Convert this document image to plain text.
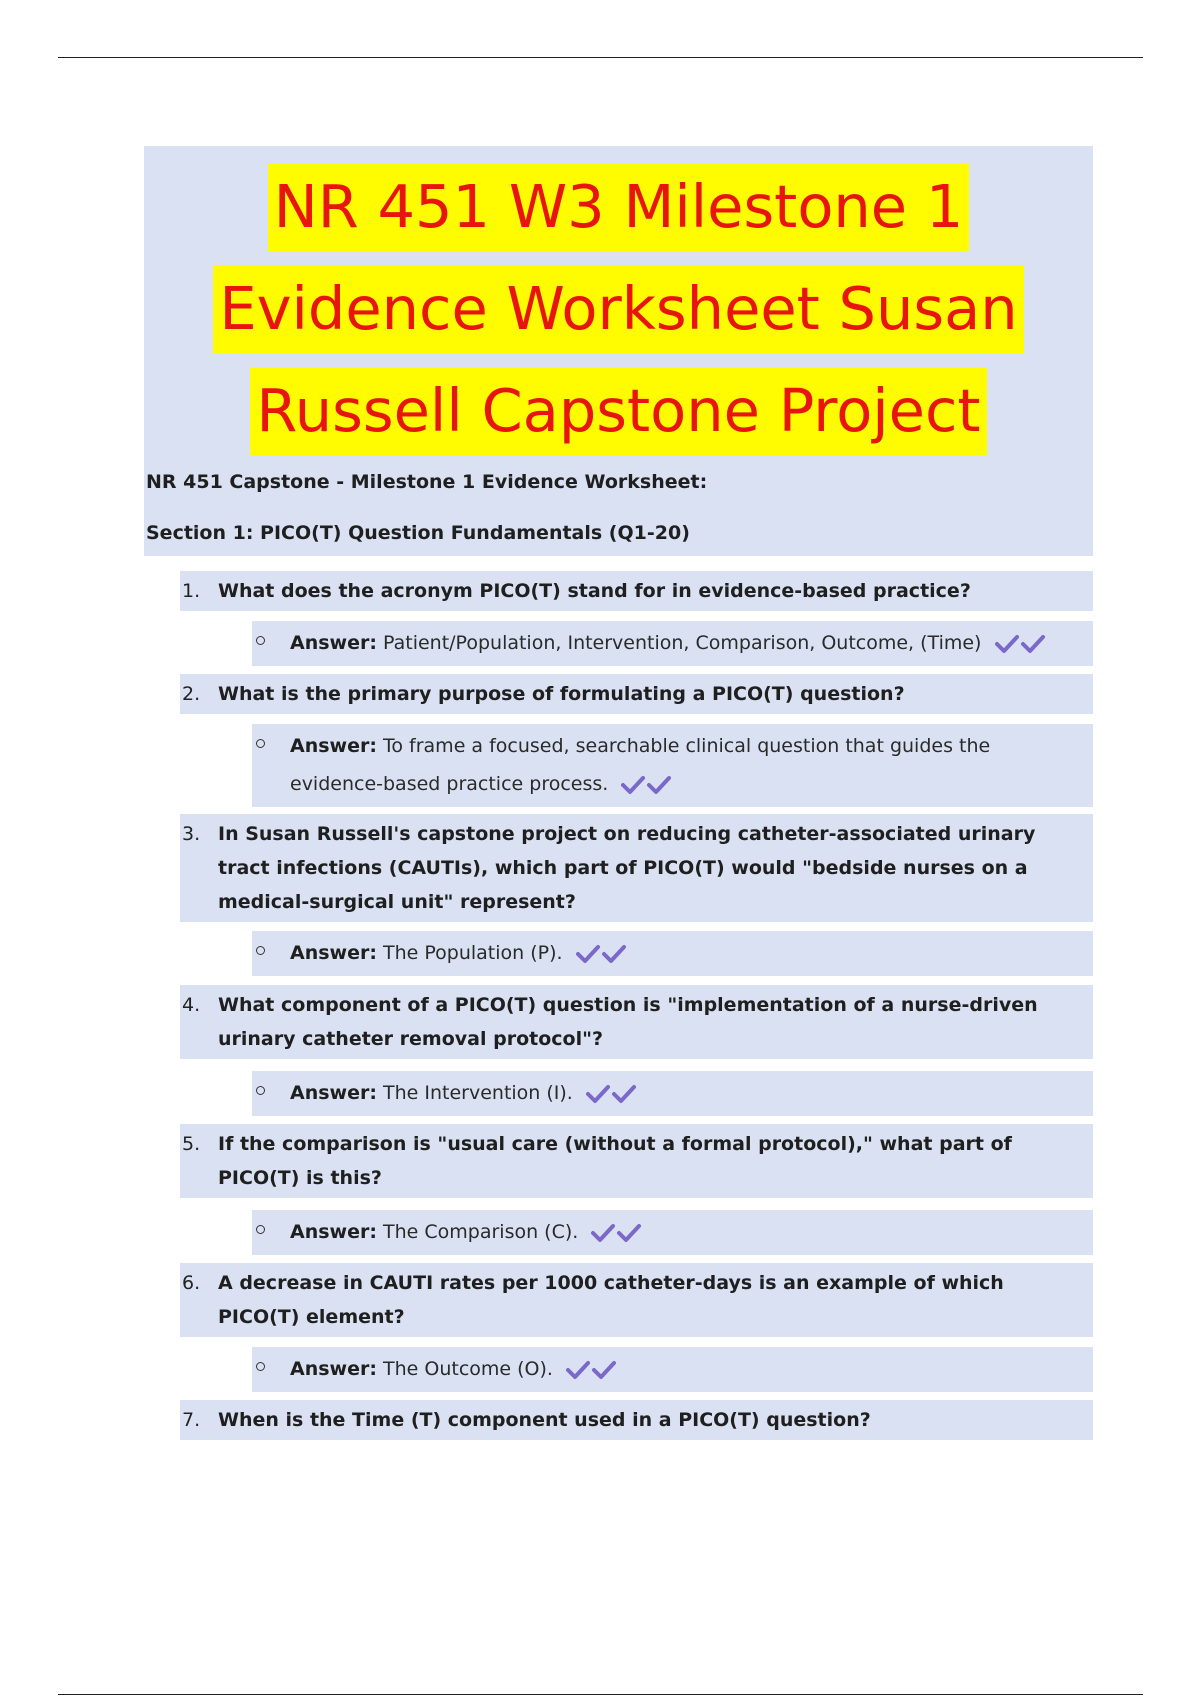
NR 451 W3 Milestone 1
Evidence Worksheet Susan
Russell Capstone Project

NR 451 Capstone - Milestone 1 Evidence Worksheet:

Section 1: PICO(T) Question Fundamentals (Q1-20)

1. What does the acronym PICO(T) stand for in evidence-based practice?
Answer: Patient/Population, Intervention, Comparison, Outcome, (Time)
2. What is the primary purpose of formulating a PICO(T) question?
Answer: To frame a focused, searchable clinical question that guides the evidence-based practice process.
3. In Susan Russell's capstone project on reducing catheter-associated urinary tract infections (CAUTIs), which part of PICO(T) would "bedside nurses on a medical-surgical unit" represent?
Answer: The Population (P).
4. What component of a PICO(T) question is "implementation of a nurse-driven urinary catheter removal protocol"?
Answer: The Intervention (I).
5. If the comparison is "usual care (without a formal protocol)," what part of PICO(T) is this?
Answer: The Comparison (C).
6. A decrease in CAUTI rates per 1000 catheter-days is an example of which PICO(T) element?
Answer: The Outcome (O).
7. When is the Time (T) component used in a PICO(T) question?
